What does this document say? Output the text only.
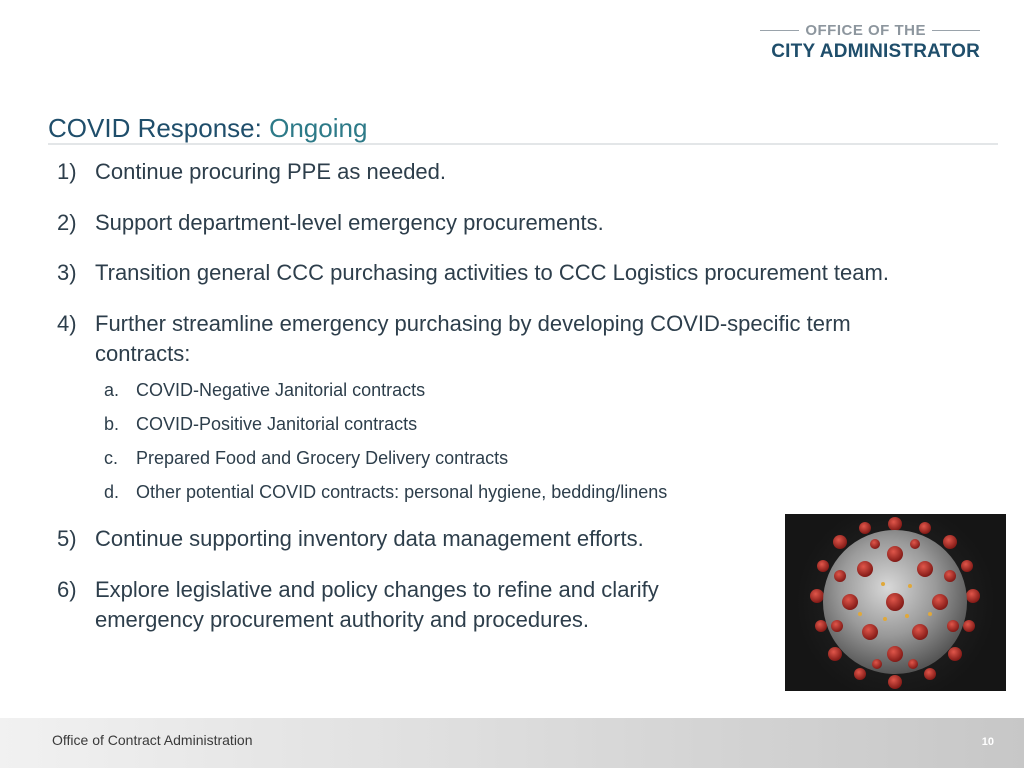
OFFICE OF THE
CITY ADMINISTRATOR
COVID Response: Ongoing
1) Continue procuring PPE as needed.
2) Support department-level emergency procurements.
3) Transition general CCC purchasing activities to CCC Logistics procurement team.
4) Further streamline emergency purchasing by developing COVID-specific term contracts:
a. COVID-Negative Janitorial contracts
b. COVID-Positive Janitorial contracts
c. Prepared Food and Grocery Delivery contracts
d. Other potential COVID contracts: personal hygiene, bedding/linens
5) Continue supporting inventory data management efforts.
6) Explore legislative and policy changes to refine and clarify emergency procurement authority and procedures.
Office of Contract Administration	10
